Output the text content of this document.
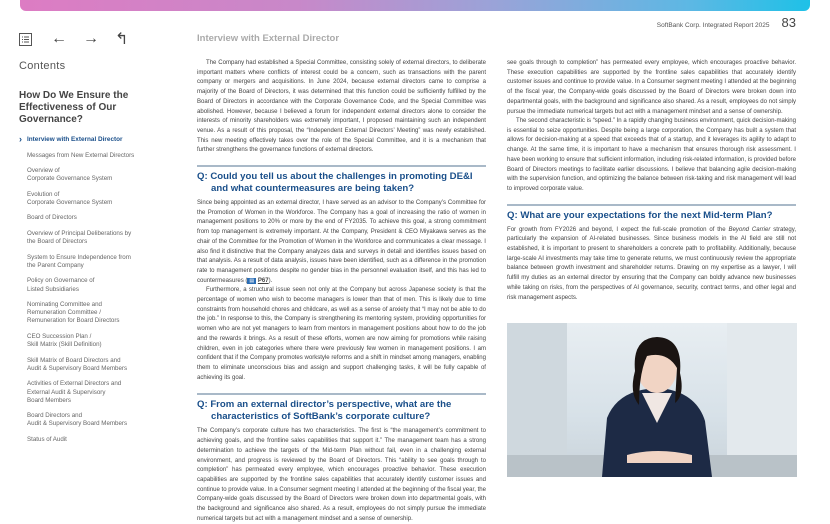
←	→	↰
Contents
How Do We Ensure the Effectiveness of Our Governance?
› Interview with External Director
Messages from New External Directors
Overview of
Corporate Governance System
Evolution of
Corporate Governance System
Board of Directors
Overview of Principal Deliberations by
the Board of Directors
System to Ensure Independence from
the Parent Company
Policy on Governance of
Listed Subsidiaries
Nominating Committee and
Remuneration Committee /
Remuneration for Board Directors
CEO Succession Plan /
Skill Matrix (Skill Definition)
Skill Matrix of Board Directors and
Audit & Supervisory Board Members
Activities of External Directors and
External Audit & Supervisory
Board Members
Board Directors and
Audit & Supervisory Board Members
Status of Audit
SoftBank Corp. Integrated Report 2025 83
Interview with External Director

The Company had established a Special Committee, consisting solely of external directors, to deliberate important matters where conflicts of interest could be a concern, such as transactions with the parent company or mergers and acquisitions. In June 2024, because external directors came to comprise a majority of the Board of Directors, it was determined that this function could be sufficiently fulfilled by the Board of Directors in accordance with the Corporate Governance Code, and the Special Committee was abolished. However, because I believed a forum for independent external directors alone to consider the interests of minority shareholders was extremely important, I proposed maintaining such an independent venue. As a result of this proposal, the “Independent External Directors’ Meeting” was newly established. This new meeting effectively takes over the role of the Special Committee, and it is a mechanism that further strengthens the governance functions of external directors.

Q: Could you tell us about the challenges in promoting DE&I and what countermeasures are being taken?

Since being appointed as an external director, I have served as an advisor to the Company’s Committee for the Promotion of Women in the Workforce. The Company has a goal of increasing the ratio of women in management positions to 20% or more by the end of FY2035. To achieve this goal, a strong commitment from top management is extremely important. At the Company, President & CEO Miyakawa serves as the chair of the Committee for the Promotion of Women in the Workforce and communicates a clear message. I also find it distinctive that the Company analyzes data and surveys in detail and identifies issues based on that analysis. As a result of data analysis, issues have been identified, such as a difference in the promotion rate to management positions despite no gender bias in the personnel evaluation itself, and this has led to countermeasures ( ▤ P67).

Furthermore, a structural issue seen not only at the Company but across Japanese society is that the percentage of women who wish to become managers is lower than that of men. This is likely due to time constraints from household chores and childcare, as well as a sense of anxiety that “I may not be able to do the job.” In response to this, the Company is strengthening its mentoring system, providing opportunities for women who are not yet managers to learn from mentors in management positions about how to do the job and the rewards it brings. As a result of these efforts, women are now aiming for promotions while raising children, even in job categories where there were previously few women in management positions. I am confident that if the Company promotes workstyle reforms and a shift in mindset among managers, enabling them to eliminate unconscious bias and assign and support challenging tasks, it will be fully capable of achieving its goal.

Q: From an external director’s perspective, what are the characteristics of SoftBank’s corporate culture?

The Company’s corporate culture has two characteristics. The first is “the management’s commitment to achieving goals, and the frontline sales capabilities that support it.” The management team has a strong determination to achieve the targets of the Mid-term Plan without fail, even in a challenging external environment, and progress is reviewed by the Board of Directors. This “ability to see goals through to completion” has permeated every employee, which encourages proactive behavior. These execution capabilities are supported by the frontline sales capabilities that accurately identify customer issues and continue to provide value. In a Consumer segment meeting I attended at the beginning of the fiscal year, the Company-wide goals discussed by the Board of Directors were broken down into departmental goals, with the background and significance also shared. As a result, employees do not simply pursue the immediate numerical targets but act with a management mindset and a sense of ownership.

see goals through to completion” has permeated every employee, which encourages proactive behavior. These execution capabilities are supported by the frontline sales capabilities that accurately identify customer issues and continue to provide value. In a Consumer segment meeting I attended at the beginning of the fiscal year, the Company-wide goals discussed by the Board of Directors were broken down into departmental goals, with the background and significance also shared. As a result, employees do not simply pursue the immediate numerical targets but act with a management mindset and a sense of ownership.

The second characteristic is “speed.” In a rapidly changing business environment, quick decision-making is essential to seize opportunities. Despite being a large corporation, the Company has built a system that allows for decision-making at a speed that exceeds that of a startup, and it leverages its agility to adapt to change. At the same time, it is important to have a mechanism that ensures thorough risk assessment. I have been working to ensure that sufficient information, including risk-related information, is provided before Board of Directors meetings to facilitate earlier discussions. I believe that balancing agile decision-making with the supervision function, and optimizing the balance between risk-taking and risk management will lead to improved corporate value.

Q: What are your expectations for the next Mid-term Plan?

For growth from FY2026 and beyond, I expect the full-scale promotion of the Beyond Carrier strategy, particularly the expansion of AI-related businesses. Since business models in the AI field are still not established, it is important to present to shareholders a concrete path to profitability. Additionally, because large-scale AI investments may take time to generate returns, we must continuously review the appropriate balance between growth investment and shareholder returns. Drawing on my expertise as a lawyer, I will fulfill my duties as an external director by ensuring that the Company can boldly advance new businesses while taking on risks, from the perspectives of AI governance, security, contract terms, and other legal and risk management aspects.
